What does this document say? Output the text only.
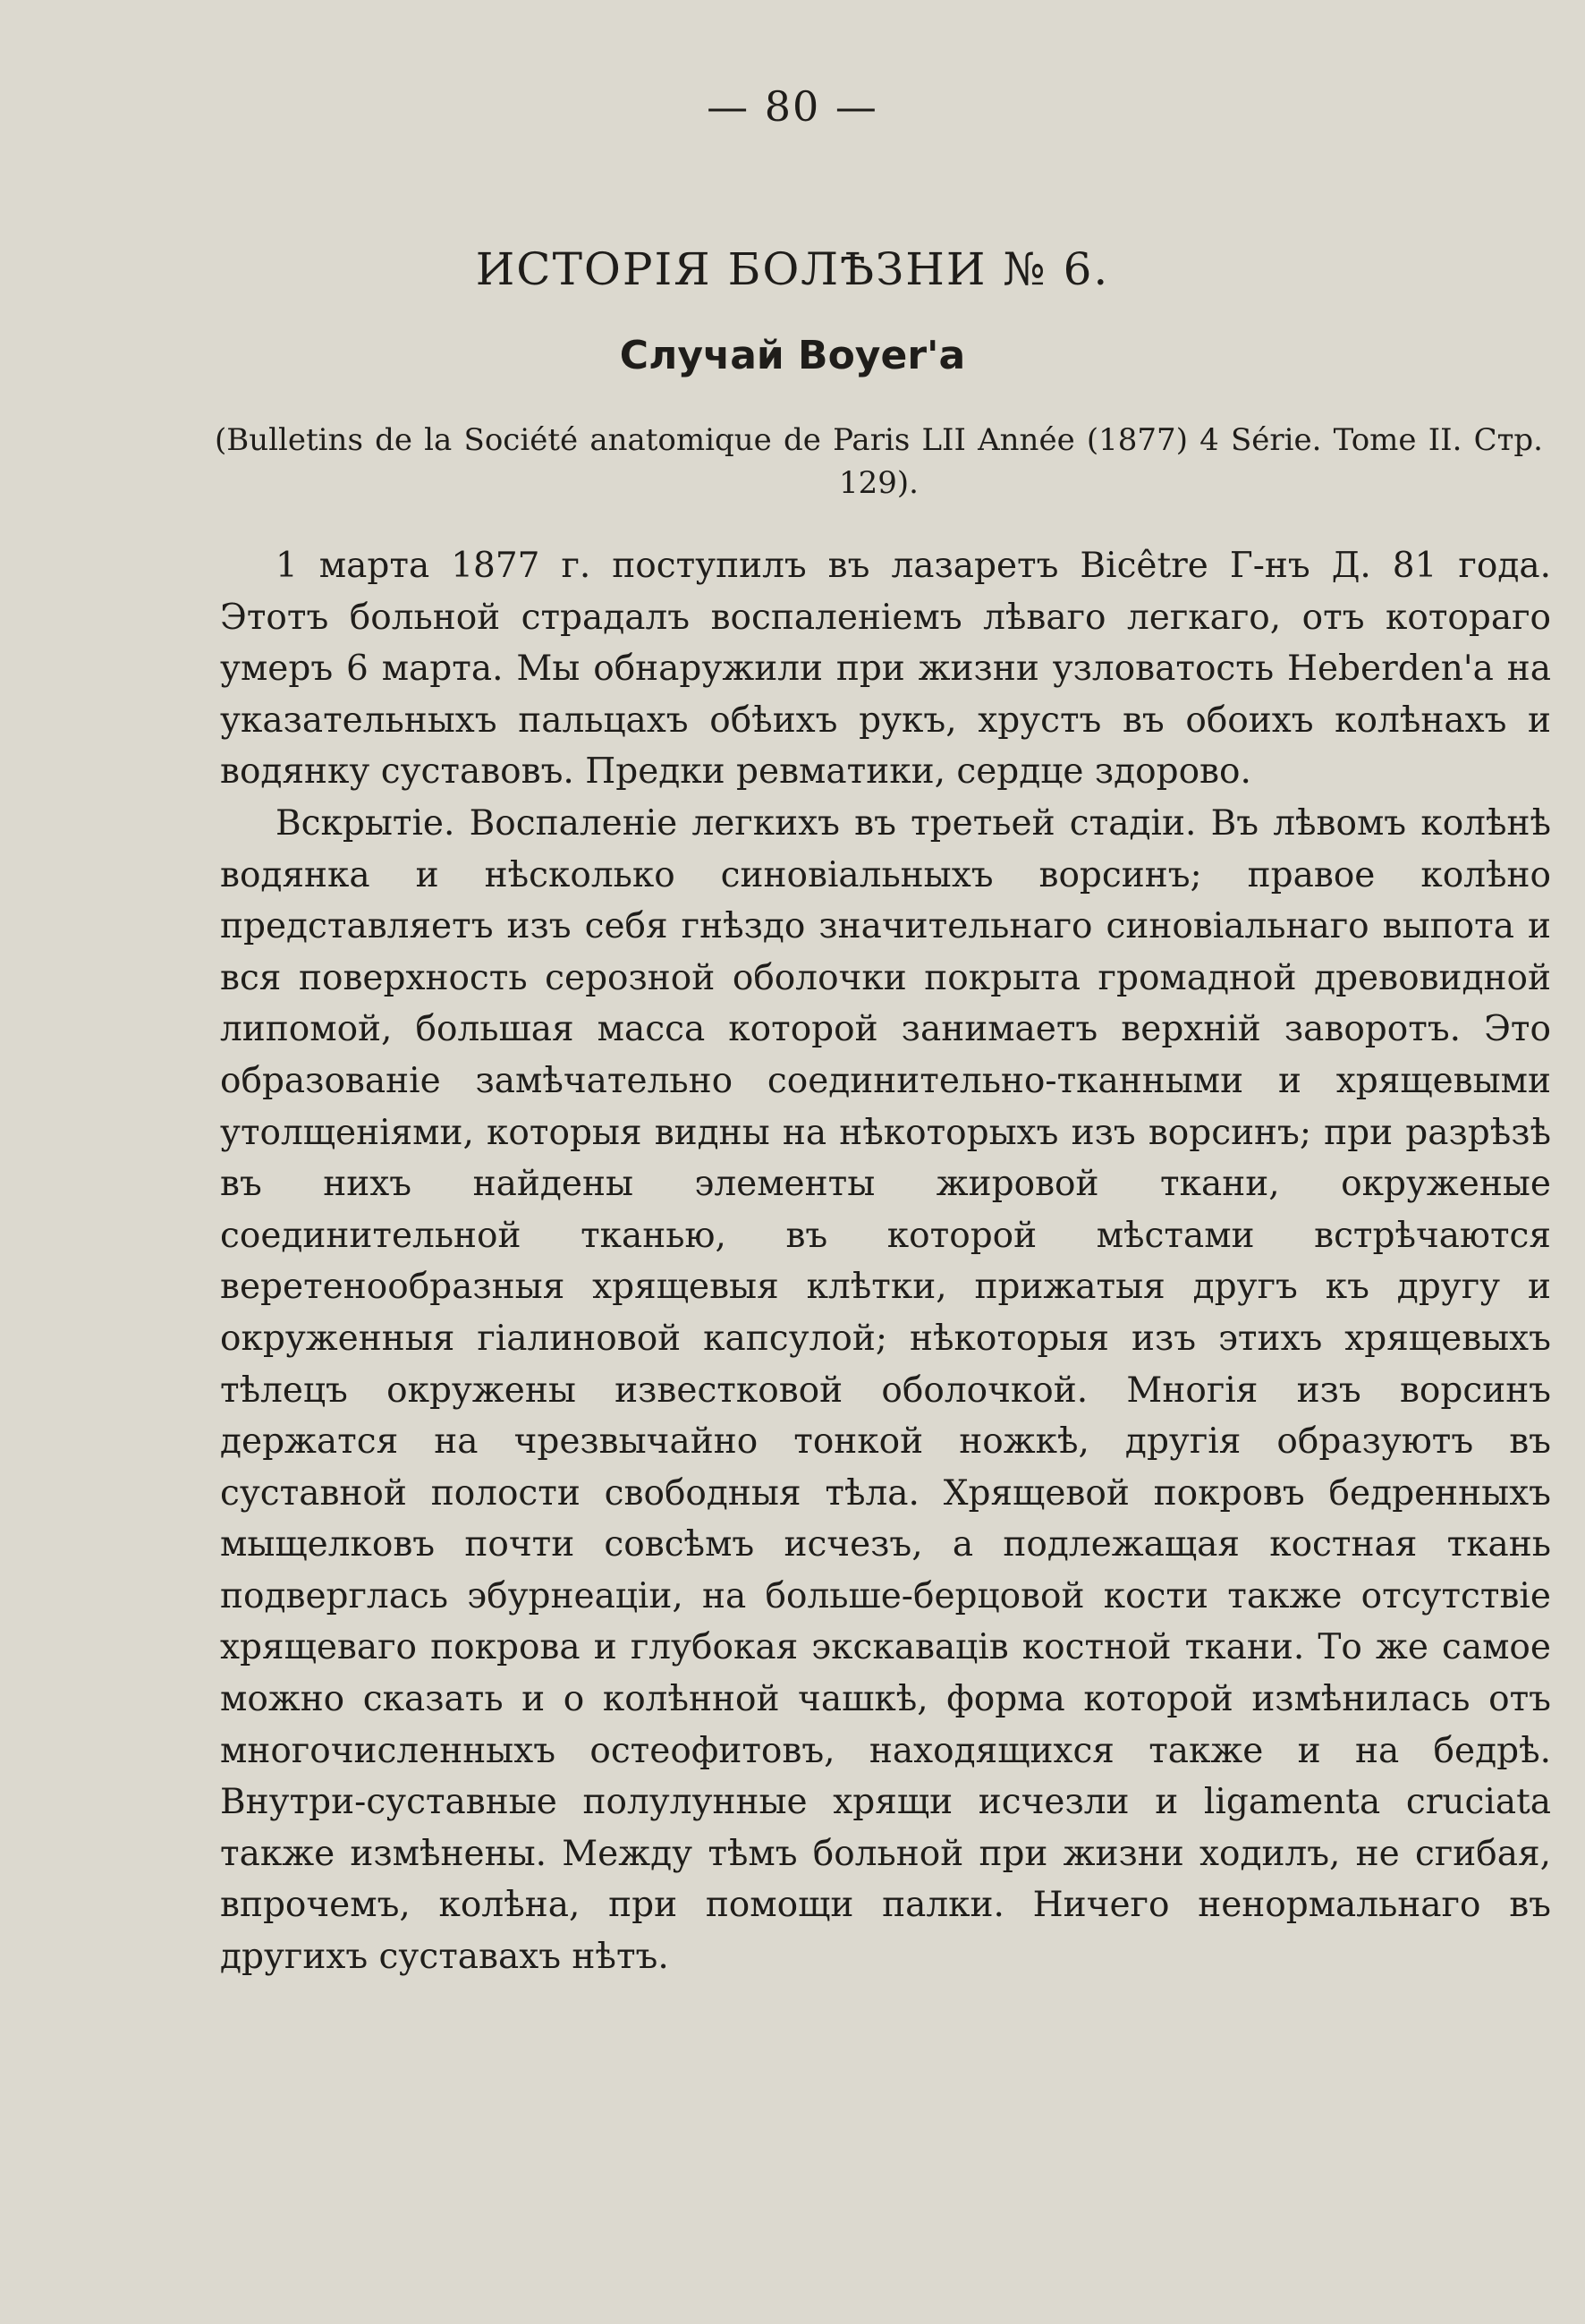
— 80 —
ИСТОРІЯ БОЛѢЗНИ № 6.
Случай Boyer'a
(Bulletins de la Société anatomique de Paris LII Année (1877) 4 Série. Tome II. Стр. 129).

1 марта 1877 г. поступилъ въ лазаретъ Bicêtre Г-нъ Д. 81 года. Этотъ больной страдалъ воспаленіемъ лѣваго легкаго, отъ котораго умеръ 6 марта. Мы обнаружили при жизни узловатость Heberden'a на указательныхъ пальцахъ обѣихъ рукъ, хрустъ въ обоихъ колѣнахъ и водянку суставовъ. Предки ревматики, сердце здорово.

Вскрытіе. Воспаленіе легкихъ въ третьей стадіи. Въ лѣвомъ колѣнѣ водянка и нѣсколько синовіальныхъ ворсинъ; правое колѣно представляетъ изъ себя гнѣздо значительнаго синовіальнаго выпота и вся поверхность серозной оболочки покрыта громадной древовидной липомой, большая масса которой занимаетъ верхній заворотъ. Это образованіе замѣчательно соединительно-тканными и хрящевыми утолщеніями, которыя видны на нѣкоторыхъ изъ ворсинъ; при разрѣзѣ въ нихъ найдены элементы жировой ткани, окруженые соединительной тканью, въ которой мѣстами встрѣчаются веретенообразныя хрящевыя клѣтки, прижатыя другъ къ другу и окруженныя гіалиновой капсулой; нѣкоторыя изъ этихъ хрящевыхъ тѣлецъ окружены известковой оболочкой. Многія изъ ворсинъ держатся на чрезвычайно тонкой ножкѣ, другія образуютъ въ суставной полости свободныя тѣла. Хрящевой покровъ бедренныхъ мыщелковъ почти совсѣмъ исчезъ, а подлежащая костная ткань подверглась эбурнеаціи, на больше-берцовой кости также отсутствіе хрящеваго покрова и глубокая экскаваців костной ткани. То же самое можно сказать и о колѣнной чашкѣ, форма которой измѣнилась отъ многочисленныхъ остеофитовъ, находящихся также и на бедрѣ. Внутри-суставные полулунные хрящи исчезли и ligamenta cruciata также измѣнены. Между тѣмъ больной при жизни ходилъ, не сгибая, впрочемъ, колѣна, при помощи палки. Ничего ненормальнаго въ другихъ суставахъ нѣтъ.
